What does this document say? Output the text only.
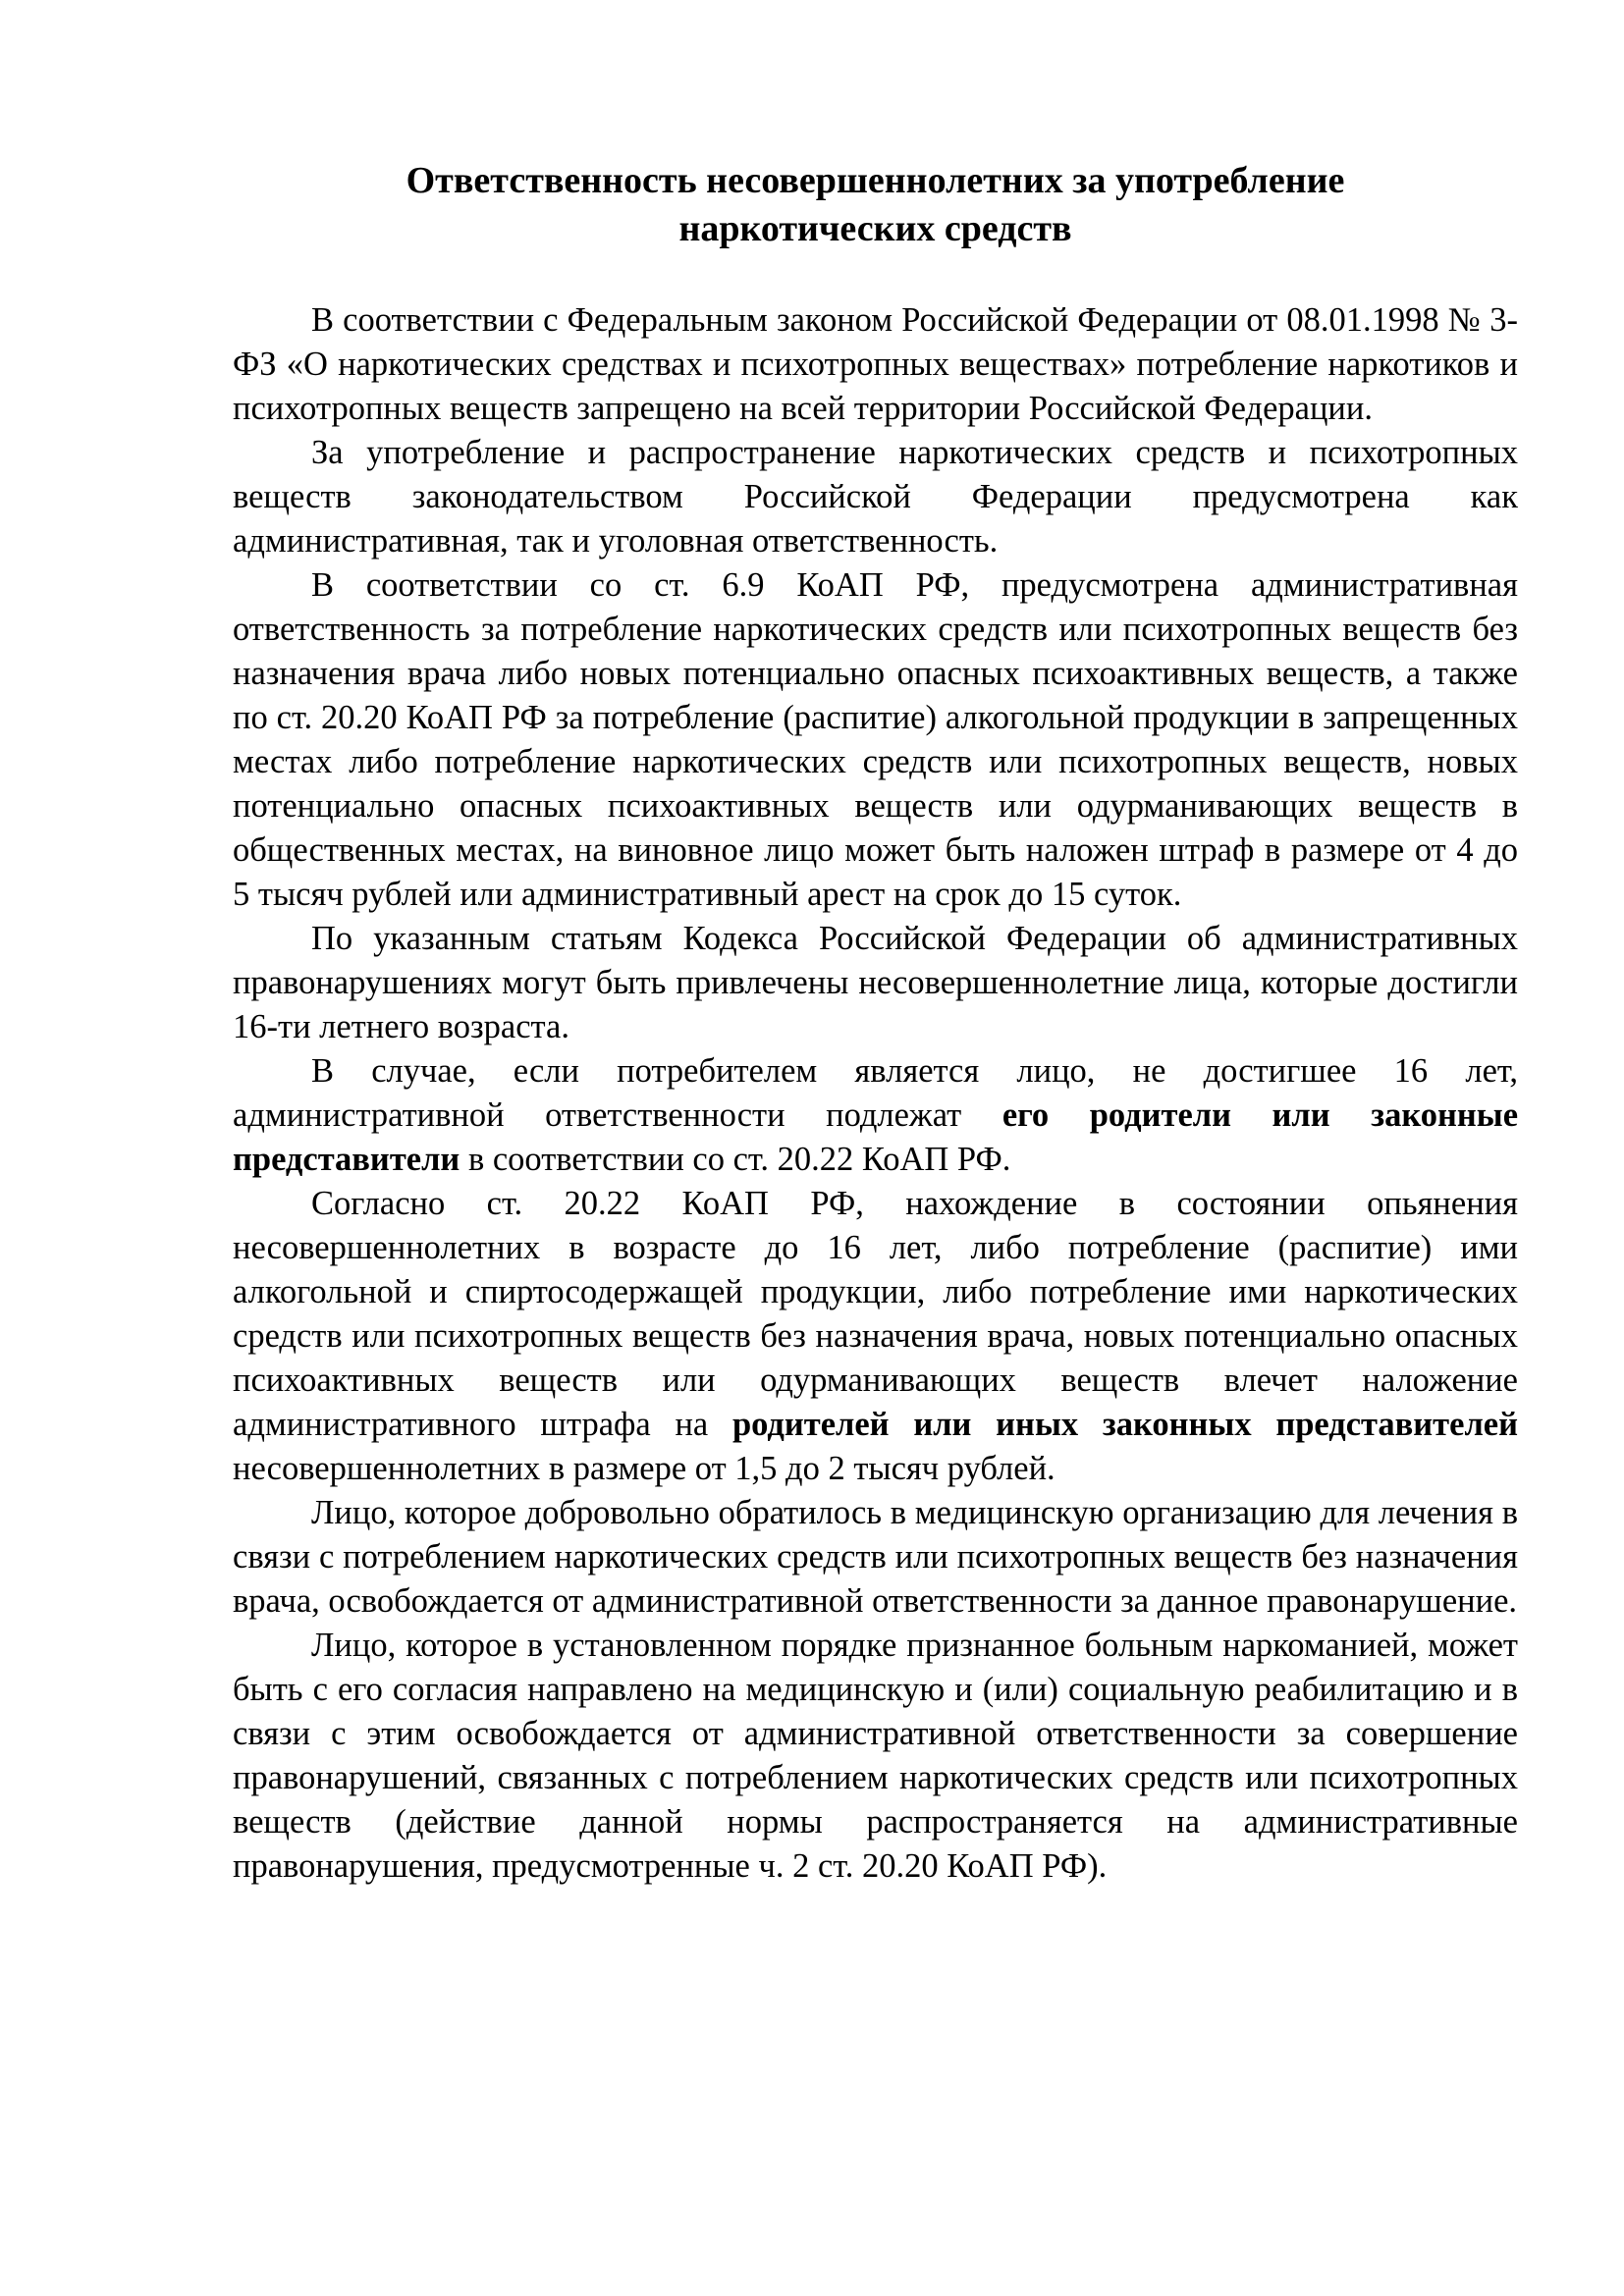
Ответственность несовершеннолетних за употребление
наркотических средств

В соответствии с Федеральным законом Российской Федерации от 08.01.1998 № 3-ФЗ «О наркотических средствах и психотропных веществах» потребление наркотиков и психотропных веществ запрещено на всей территории Российской Федерации.

За употребление и распространение наркотических средств и психотропных веществ законодательством Российской Федерации предусмотрена как административная, так и уголовная ответственность.

В соответствии со ст. 6.9 КоАП РФ, предусмотрена административная ответственность за потребление наркотических средств или психотропных веществ без назначения врача либо новых потенциально опасных психоактивных веществ, а также по ст. 20.20 КоАП РФ за потребление (распитие) алкогольной продукции в запрещенных местах либо потребление наркотических средств или психотропных веществ, новых потенциально опасных психоактивных веществ или одурманивающих веществ в общественных местах, на виновное лицо может быть наложен штраф в размере от 4 до 5 тысяч рублей или административный арест на срок до 15 суток.

По указанным статьям Кодекса Российской Федерации об административных правонарушениях могут быть привлечены несовершеннолетние лица, которые достигли 16-ти летнего возраста.

В случае, если потребителем является лицо, не достигшее 16 лет, административной ответственности подлежат его родители или законные представители в соответствии со ст. 20.22 КоАП РФ.

Согласно ст. 20.22 КоАП РФ, нахождение в состоянии опьянения несовершеннолетних в возрасте до 16 лет, либо потребление (распитие) ими алкогольной и спиртосодержащей продукции, либо потребление ими наркотических средств или психотропных веществ без назначения врача, новых потенциально опасных психоактивных веществ или одурманивающих веществ влечет наложение административного штрафа на родителей или иных законных представителей несовершеннолетних в размере от 1,5 до 2 тысяч рублей.

Лицо, которое добровольно обратилось в медицинскую организацию для лечения в связи с потреблением наркотических средств или психотропных веществ без назначения врача, освобождается от административной ответственности за данное правонарушение.

Лицо, которое в установленном порядке признанное больным наркоманией, может быть с его согласия направлено на медицинскую и (или) социальную реабилитацию и в связи с этим освобождается от административной ответственности за совершение правонарушений, связанных с потреблением наркотических средств или психотропных веществ (действие данной нормы распространяется на административные правонарушения, предусмотренные ч. 2 ст. 20.20 КоАП РФ).
